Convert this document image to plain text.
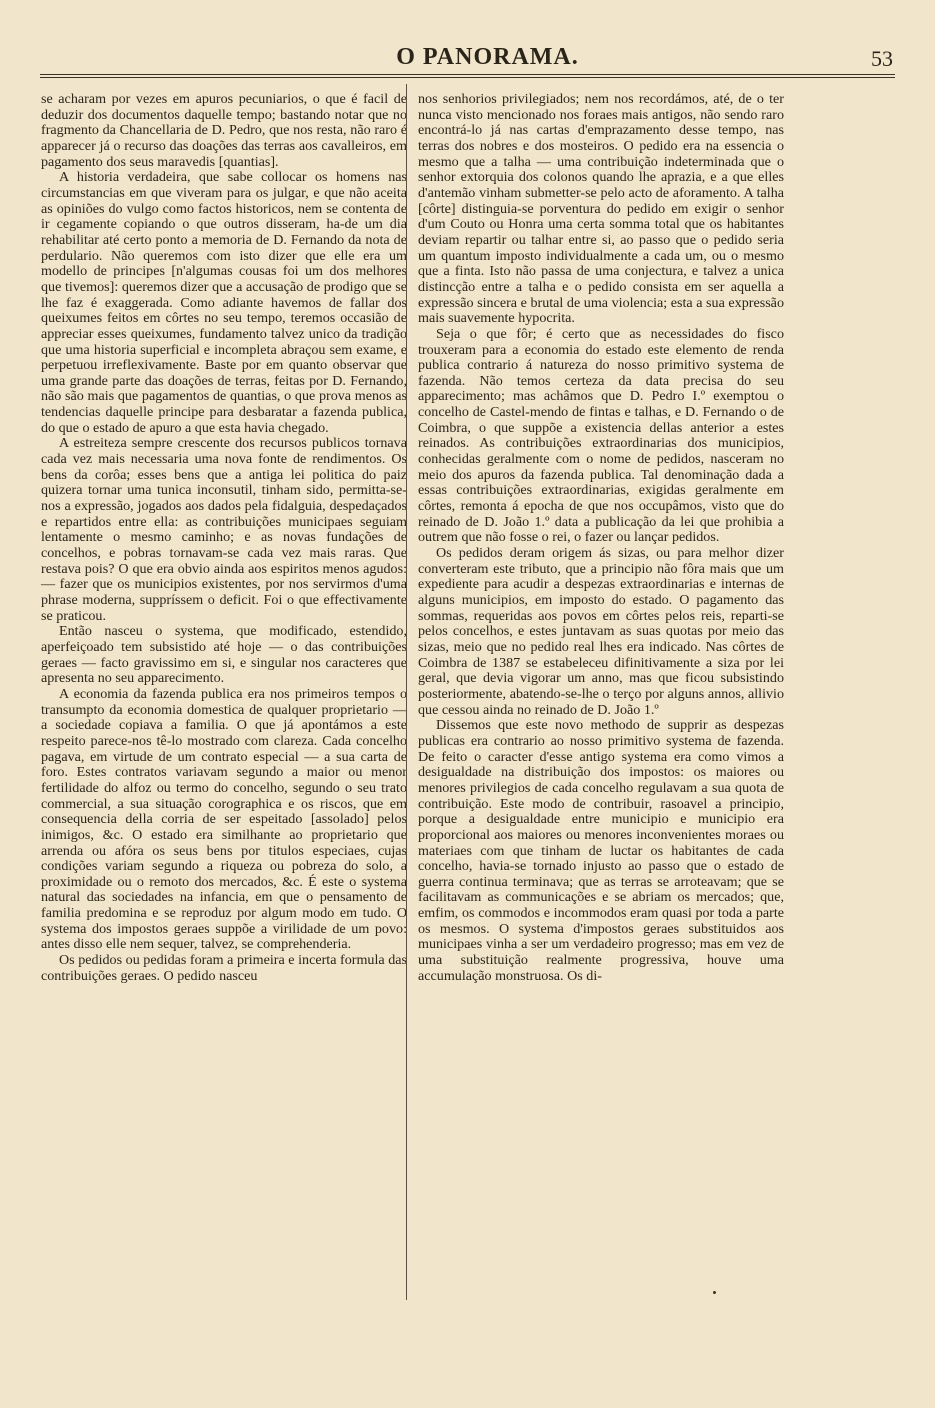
O PANORAMA.	53

se acharam por vezes em apuros pecuniarios, o que é facil de deduzir dos documentos daquelle tempo; bastando notar que no fragmento da Chancellaria de D. Pedro, que nos resta, não raro é apparecer já o recurso das doações das terras aos cavalleiros, em pagamento dos seus maravedis [quantias].

A historia verdadeira, que sabe collocar os homens nas circumstancias em que viveram para os julgar, e que não aceita as opiniões do vulgo como factos historicos, nem se contenta de ir cegamente copiando o que outros disseram, ha-de um dia rehabilitar até certo ponto a memoria de D. Fernando da nota de perdulario. Não queremos com isto dizer que elle era um modello de principes [n'algumas cousas foi um dos melhores que tivemos]: queremos dizer que a accusação de prodigo que se lhe faz é exaggerada. Como adiante havemos de fallar dos queixumes feitos em côrtes no seu tempo, teremos occasião de appreciar esses queixumes, fundamento talvez unico da tradição que uma historia superficial e incompleta abraçou sem exame, e perpetuou irreflexivamente. Baste por em quanto observar que uma grande parte das doações de terras, feitas por D. Fernando, não são mais que pagamentos de quantias, o que prova menos as tendencias daquelle principe para desbaratar a fazenda publica, do que o estado de apuro a que esta havia chegado.

A estreiteza sempre crescente dos recursos publicos tornava cada vez mais necessaria uma nova fonte de rendimentos. Os bens da corôa; esses bens que a antiga lei politica do paiz quizera tornar uma tunica inconsutil, tinham sido, permitta-se-nos a expressão, jogados aos dados pela fidalguia, despedaçados e repartidos entre ella: as contribuições municipaes seguiam lentamente o mesmo caminho; e as novas fundações de concelhos, e pobras tornavam-se cada vez mais raras. Que restava pois? O que era obvio ainda aos espiritos menos agudos:— fazer que os municipios existentes, por nos servirmos d'uma phrase moderna, suppríssem o deficit. Foi o que effectivamente se praticou.

Então nasceu o systema, que modificado, estendido, aperfeiçoado tem subsistido até hoje — o das contribuições geraes — facto gravissimo em si, e singular nos caracteres que apresenta no seu apparecimento.

A economia da fazenda publica era nos primeiros tempos o transumpto da economia domestica de qualquer proprietario — a sociedade copiava a familia. O que já apontámos a este respeito parece-nos tê-lo mostrado com clareza. Cada concelho pagava, em virtude de um contrato especial — a sua carta de foro. Estes contratos variavam segundo a maior ou menor fertilidade do alfoz ou termo do concelho, segundo o seu trato commercial, a sua situação corographica e os riscos, que em consequencia della corria de ser espeitado [assolado] pelos inimigos, &c. O estado era similhante ao proprietario que arrenda ou afóra os seus bens por titulos especiaes, cujas condições variam segundo a riqueza ou pobreza do solo, a proximidade ou o remoto dos mercados, &c. É este o systema natural das sociedades na infancia, em que o pensamento de familia predomina e se reproduz por algum modo em tudo. O systema dos impostos geraes suppõe a virilidade de um povo: antes disso elle nem sequer, talvez, se comprehenderia.

Os pedidos ou pedidas foram a primeira e incerta formula das contribuições geraes. O pedido nasceu

nos senhorios privilegiados; nem nos recordámos, até, de o ter nunca visto mencionado nos foraes mais antigos, não sendo raro encontrá-lo já nas cartas d'emprazamento desse tempo, nas terras dos nobres e dos mosteiros. O pedido era na essencia o mesmo que a talha — uma contribuição indeterminada que o senhor extorquia dos colonos quando lhe aprazia, e a que elles d'antemão vinham submetter-se pelo acto de aforamento. A talha [côrte] distinguia-se porventura do pedido em exigir o senhor d'um Couto ou Honra uma certa somma total que os habitantes deviam repartir ou talhar entre si, ao passo que o pedido seria um quantum imposto individualmente a cada um, ou o mesmo que a finta. Isto não passa de uma conjectura, e talvez a unica distincção entre a talha e o pedido consista em ser aquella a expressão sincera e brutal de uma violencia; esta a sua expressão mais suavemente hypocrita.

Seja o que fôr; é certo que as necessidades do fisco trouxeram para a economia do estado este elemento de renda publica contrario á natureza do nosso primitivo systema de fazenda. Não temos certeza da data precisa do seu apparecimento; mas achâmos que D. Pedro I.º exemptou o concelho de Castel-mendo de fintas e talhas, e D. Fernando o de Coimbra, o que suppõe a existencia dellas anterior a estes reinados. As contribuições extraordinarias dos municipios, conhecidas geralmente com o nome de pedidos, nasceram no meio dos apuros da fazenda publica. Tal denominação dada a essas contribuições extraordinarias, exigidas geralmente em côrtes, remonta á epocha de que nos occupâmos, visto que do reinado de D. João 1.º data a publicação da lei que prohibia a outrem que não fosse o rei, o fazer ou lançar pedidos.

Os pedidos deram origem ás sizas, ou para melhor dizer converteram este tributo, que a principio não fôra mais que um expediente para acudir a despezas extraordinarias e internas de alguns municipios, em imposto do estado. O pagamento das sommas, requeridas aos povos em côrtes pelos reis, reparti-se pelos concelhos, e estes juntavam as suas quotas por meio das sizas, meio que no pedido real lhes era indicado. Nas côrtes de Coimbra de 1387 se estabeleceu difinitivamente a siza por lei geral, que devia vigorar um anno, mas que ficou subsistindo posteriormente, abatendo-se-lhe o terço por alguns annos, allivio que cessou ainda no reinado de D. João 1.º

Dissemos que este novo methodo de supprir as despezas publicas era contrario ao nosso primitivo systema de fazenda. De feito o caracter d'esse antigo systema era como vimos a desigualdade na distribuição dos impostos: os maiores ou menores privilegios de cada concelho regulavam a sua quota de contribuição. Este modo de contribuir, rasoavel a principio, porque a desigualdade entre municipio e municipio era proporcional aos maiores ou menores inconvenientes moraes ou materiaes com que tinham de luctar os habitantes de cada concelho, havia-se tornado injusto ao passo que o estado de guerra continua terminava; que as terras se arroteavam; que se facilitavam as communicações e se abriam os mercados; que, emfim, os commodos e incommodos eram quasi por toda a parte os mesmos. O systema d'impostos geraes substituidos aos municipaes vinha a ser um verdadeiro progresso; mas em vez de uma substituição realmente progressiva, houve uma accumulação monstruosa. Os di-
